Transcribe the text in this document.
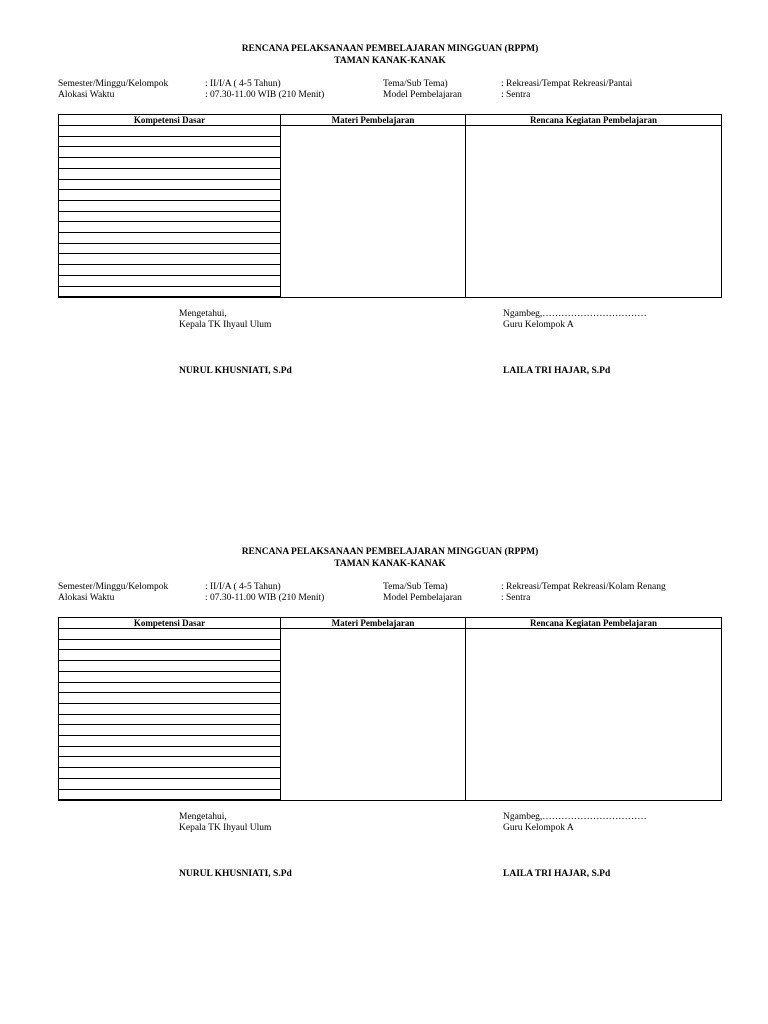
RENCANA PELAKSANAAN PEMBELAJARAN MINGGUAN (RPPM)
TAMAN KANAK-KANAK
Semester/Minggu/Kelompok	: II/I/A ( 4-5 Tahun)	Tema/Sub Tema)	: Rekreasi/Tempat Rekreasi/Pantai
Alokasi Waktu	: 07.30-11.00 WIB (210 Menit)	Model Pembelajaran	: Sentra
Kompetensi Dasar	Materi Pembelajaran	Rencana Kegiatan Pembelajaran
Mengetahui,
Kepala TK Ihyaul Ulum
NURUL KHUSNIATI, S.Pd
Ngambeg,……………………………
Guru Kelompok A
LAILA TRI HAJAR, S.Pd
RENCANA PELAKSANAAN PEMBELAJARAN MINGGUAN (RPPM)
TAMAN KANAK-KANAK
Semester/Minggu/Kelompok	: II/I/A ( 4-5 Tahun)	Tema/Sub Tema)	: Rekreasi/Tempat Rekreasi/Kolam Renang
Alokasi Waktu	: 07.30-11.00 WIB (210 Menit)	Model Pembelajaran	: Sentra
Kompetensi Dasar	Materi Pembelajaran	Rencana Kegiatan Pembelajaran
Mengetahui,
Kepala TK Ihyaul Ulum
NURUL KHUSNIATI, S.Pd
Ngambeg,……………………………
Guru Kelompok A
LAILA TRI HAJAR, S.Pd
